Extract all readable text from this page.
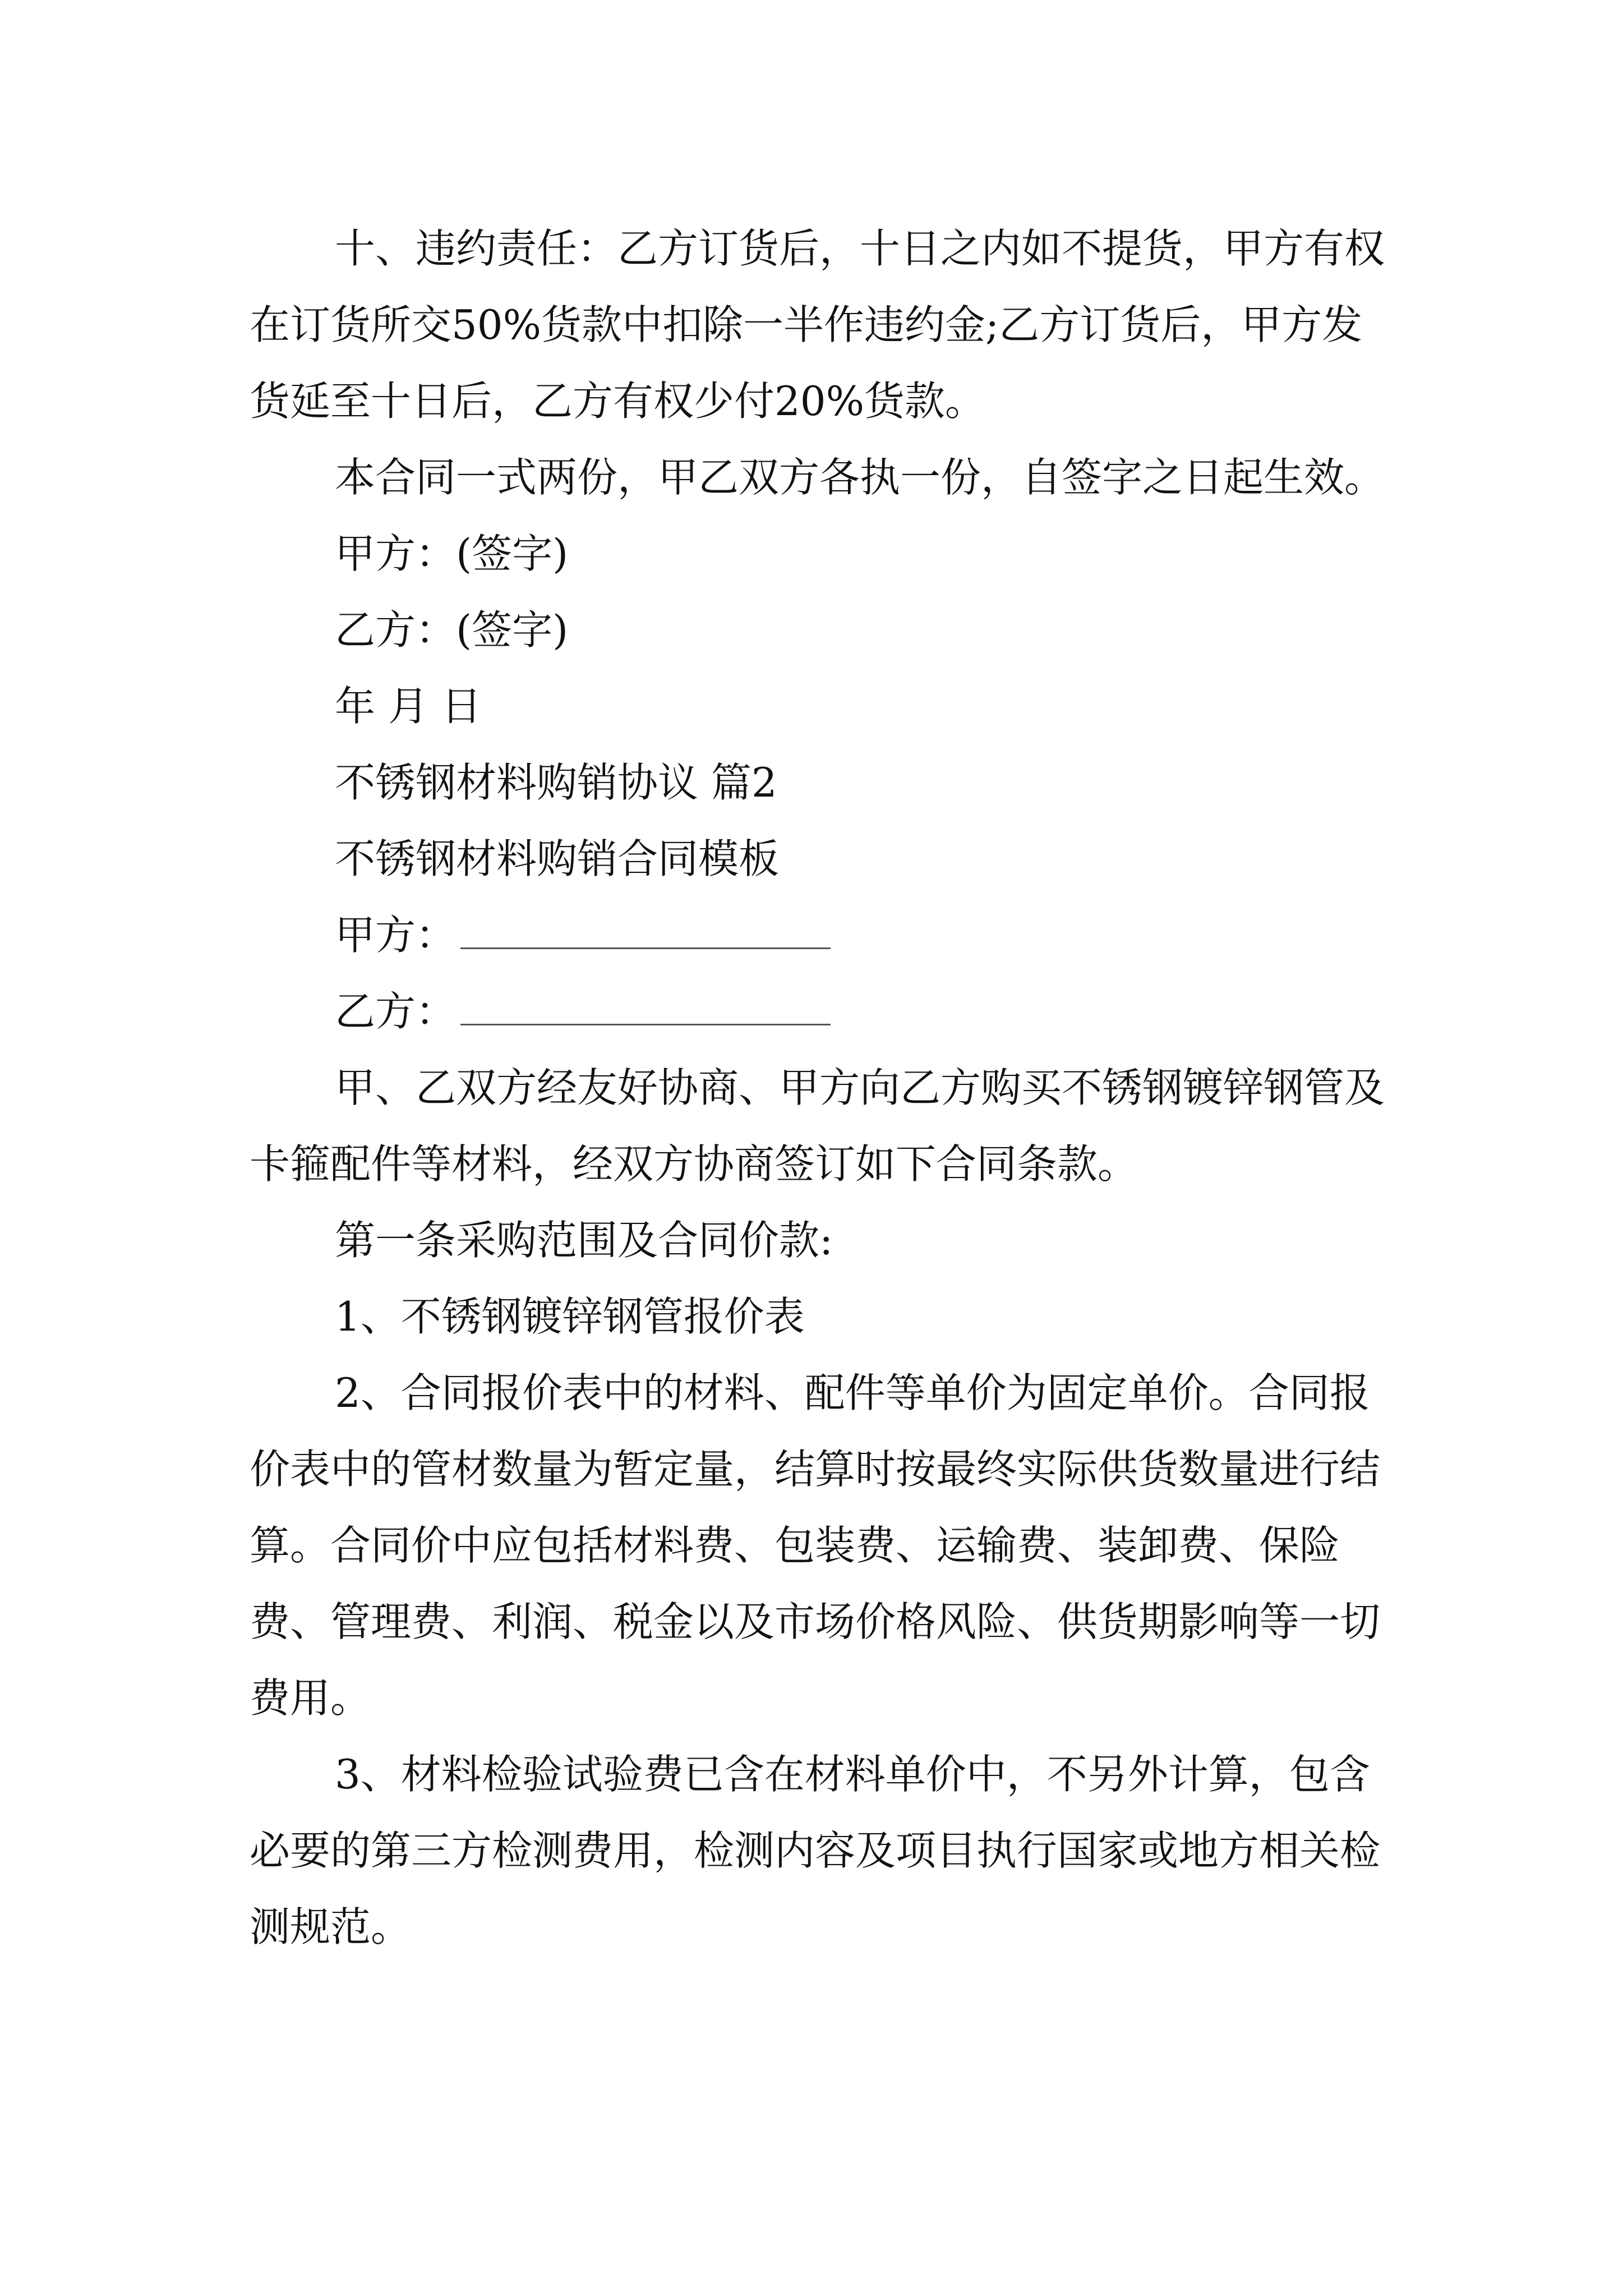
十、违约责任：乙方订货后，十日之内如不提货，甲方有权在订货所交50%货款中扣除一半作违约金;乙方订货后，甲方发货延至十日后，乙方有权少付20%货款。

本合同一式两份，甲乙双方各执一份，自签字之日起生效。

甲方：(签字)

乙方：(签字)

年 月 日

不锈钢材料购销协议 篇2

不锈钢材料购销合同模板

甲方：

乙方：

甲、乙双方经友好协商、甲方向乙方购买不锈钢镀锌钢管及卡箍配件等材料，经双方协商签订如下合同条款。

第一条采购范围及合同价款:

1、不锈钢镀锌钢管报价表

2、合同报价表中的材料、配件等单价为固定单价。合同报价表中的管材数量为暂定量，结算时按最终实际供货数量进行结算。合同价中应包括材料费、包装费、运输费、装卸费、保险费、管理费、利润、税金以及市场价格风险、供货期影响等一切费用。

3、材料检验试验费已含在材料单价中，不另外计算，包含必要的第三方检测费用，检测内容及项目执行国家或地方相关检测规范。
